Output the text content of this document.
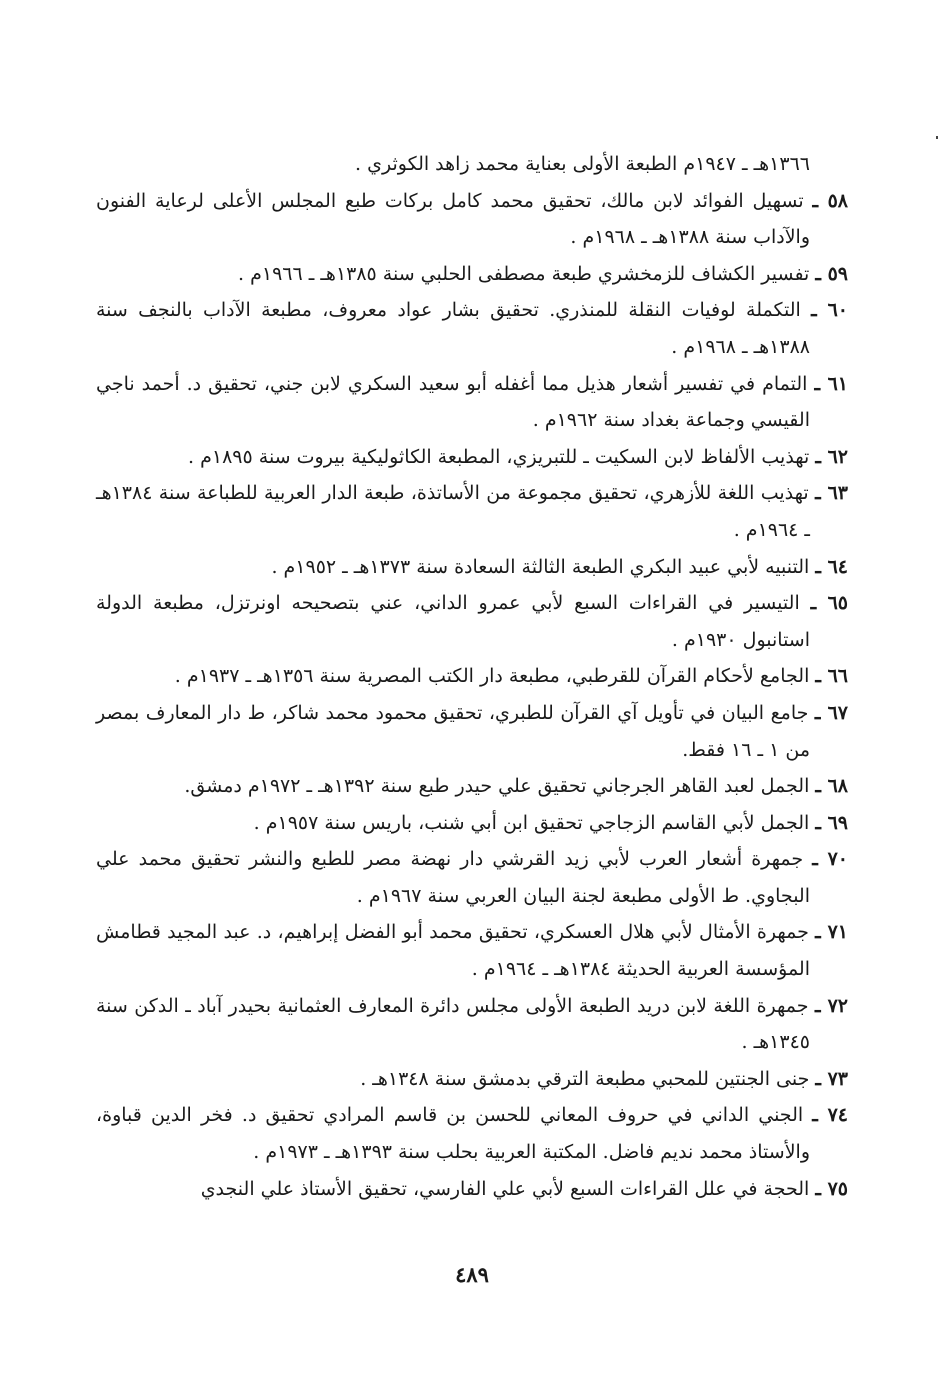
١٣٦٦هـ ـ ١٩٤٧م الطبعة الأولى بعناية محمد زاهد الكوثري .

٥٨ ـ تسهيل الفوائد لابن مالك، تحقيق محمد كامل بركات طبع المجلس الأعلى لرعاية الفنون والآداب سنة ١٣٨٨هـ ـ ١٩٦٨م .

٥٩ ـ تفسير الكشاف للزمخشري طبعة مصطفى الحلبي سنة ١٣٨٥هـ ـ ١٩٦٦م .

٦٠ ـ التكملة لوفيات النقلة للمنذري. تحقيق بشار عواد معروف، مطبعة الآداب بالنجف سنة ١٣٨٨هـ ـ ١٩٦٨م .

٦١ ـ التمام في تفسير أشعار هذيل مما أغفله أبو سعيد السكري لابن جني، تحقيق د. أحمد ناجي القيسي وجماعة بغداد سنة ١٩٦٢م .

٦٢ ـ تهذيب الألفاظ لابن السكيت ـ للتبريزي، المطبعة الكاثوليكية بيروت سنة ١٨٩٥م .

٦٣ ـ تهذيب اللغة للأزهري، تحقيق مجموعة من الأساتذة، طبعة الدار العربية للطباعة سنة ١٣٨٤هـ ـ ١٩٦٤م .

٦٤ ـ التنبيه لأبي عبيد البكري الطبعة الثالثة السعادة سنة ١٣٧٣هـ ـ ١٩٥٢م .

٦٥ ـ التيسير في القراءات السبع لأبي عمرو الداني، عني بتصحيحه اونرتزل، مطبعة الدولة استانبول ١٩٣٠م .

٦٦ ـ الجامع لأحكام القرآن للقرطبي، مطبعة دار الكتب المصرية سنة ١٣٥٦هـ ـ ١٩٣٧م .

٦٧ ـ جامع البيان في تأويل آي القرآن للطبري، تحقيق محمود محمد شاكر، ط دار المعارف بمصر من ١ ـ ١٦ فقط.

٦٨ ـ الجمل لعبد القاهر الجرجاني تحقيق علي حيدر طبع سنة ١٣٩٢هـ ـ ١٩٧٢م دمشق.

٦٩ ـ الجمل لأبي القاسم الزجاجي تحقيق ابن أبي شنب، باريس سنة ١٩٥٧م .

٧٠ ـ جمهرة أشعار العرب لأبي زيد القرشي دار نهضة مصر للطبع والنشر تحقيق محمد علي البجاوي. ط الأولى مطبعة لجنة البيان العربي سنة ١٩٦٧م .

٧١ ـ جمهرة الأمثال لأبي هلال العسكري، تحقيق محمد أبو الفضل إبراهيم، د. عبد المجيد قطامش المؤسسة العربية الحديثة ١٣٨٤هـ ـ ١٩٦٤م .

٧٢ ـ جمهرة اللغة لابن دريد الطبعة الأولى مجلس دائرة المعارف العثمانية بحيدر آباد ـ الدكن سنة ١٣٤٥هـ .

٧٣ ـ جنى الجنتين للمحبي مطبعة الترقي بدمشق سنة ١٣٤٨هـ .

٧٤ ـ الجني الداني في حروف المعاني للحسن بن قاسم المرادي تحقيق د. فخر الدين قباوة، والأستاذ محمد نديم فاضل. المكتبة العربية بحلب سنة ١٣٩٣هـ ـ ١٩٧٣م .

٧٥ ـ الحجة في علل القراءات السبع لأبي علي الفارسي، تحقيق الأستاذ علي النجدي

٤٨٩
